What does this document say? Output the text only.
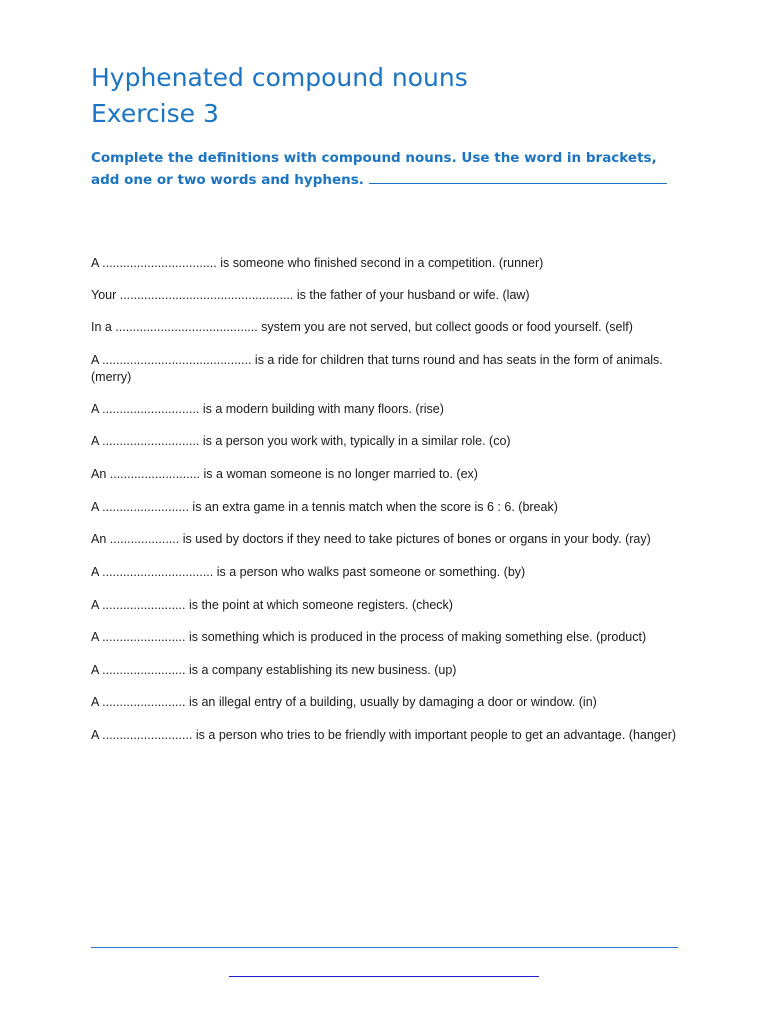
Hyphenated compound nouns
Exercise 3

Complete the definitions with compound nouns. Use the word in brackets,
add one or two words and hyphens.

A ................................. is someone who finished second in a competition. (runner)

Your .................................................. is the father of your husband or wife. (law)

In a ......................................... system you are not served, but collect goods or food yourself. (self)

A ........................................... is a ride for children that turns round and has seats in the form of animals. (merry)

A ............................ is a modern building with many floors. (rise)

A ............................ is a person you work with, typically in a similar role. (co)

An .......................... is a woman someone is no longer married to. (ex)

A ......................... is an extra game in a tennis match when the score is 6 : 6. (break)

An .................... is used by doctors if they need to take pictures of bones or organs in your body. (ray)

A ................................ is a person who walks past someone or something. (by)

A ........................ is the point at which someone registers. (check)

A ........................ is something which is produced in the process of making something else. (product)

A ........................ is a company establishing its new business. (up)

A ........................ is an illegal entry of a building, usually by damaging a door or window. (in)

A .......................... is a person who tries to be friendly with important people to get an advantage. (hanger)
